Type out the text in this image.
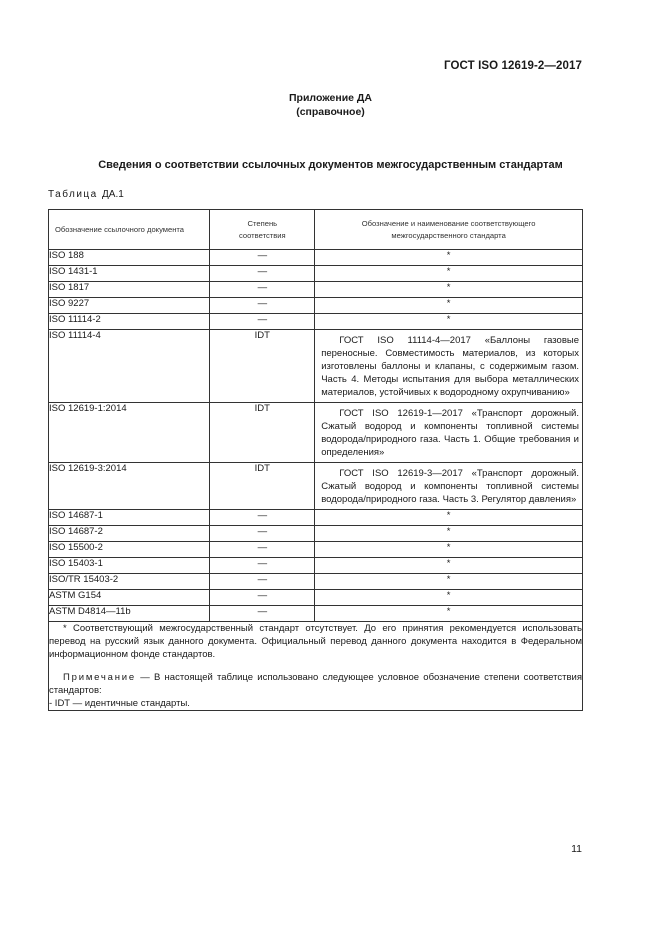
ГОСТ ISO 12619-2—2017
Приложение ДА
(справочное)
Сведения о соответствии ссылочных документов межгосударственным стандартам
Таблица ДА.1
Обозначение ссылочного документа	Степень соответствия	Обозначение и наименование соответствующего межгосударственного стандарта

ISO 188	—	*
ISO 1431-1	—	*
ISO 1817	—	*
ISO 9227	—	*
ISO 11114-2	—	*
ISO 11114-4	IDT	ГОСТ ISO 11114-4—2017 «Баллоны газовые переносные. Совместимость материалов, из которых изготовлены баллоны и клапаны, с содержимым газом. Часть 4. Методы испытания для выбора металлических материалов, устойчивых к водородному охрупчиванию»

ISO 12619-1:2014	IDT	ГОСТ ISO 12619-1—2017 «Транспорт дорожный. Сжатый водород и компоненты топливной системы водорода/природного газа. Часть 1. Общие требования и определения»

ISO 12619-3:2014	IDT	ГОСТ ISO 12619-3—2017 «Транспорт дорожный. Сжатый водород и компоненты топливной системы водорода/природного газа. Часть 3. Регулятор давления»

ISO 14687-1	—	*
ISO 14687-2	—	*
ISO 15500-2	—	*
ISO 15403-1	—	*
ISO/TR 15403-2	—	*
ASTM G154	—	*
ASTM D4814—11b	—	*

* Соответствующий межгосударственный стандарт отсутствует. До его принятия рекомендуется использовать перевод на русский язык данного документа. Официальный перевод данного документа находится в Федеральном информационном фонде стандартов.
Примечание — В настоящей таблице использовано следующее условное обозначение степени соответствия стандартов:
- IDT — идентичные стандарты.		
11
